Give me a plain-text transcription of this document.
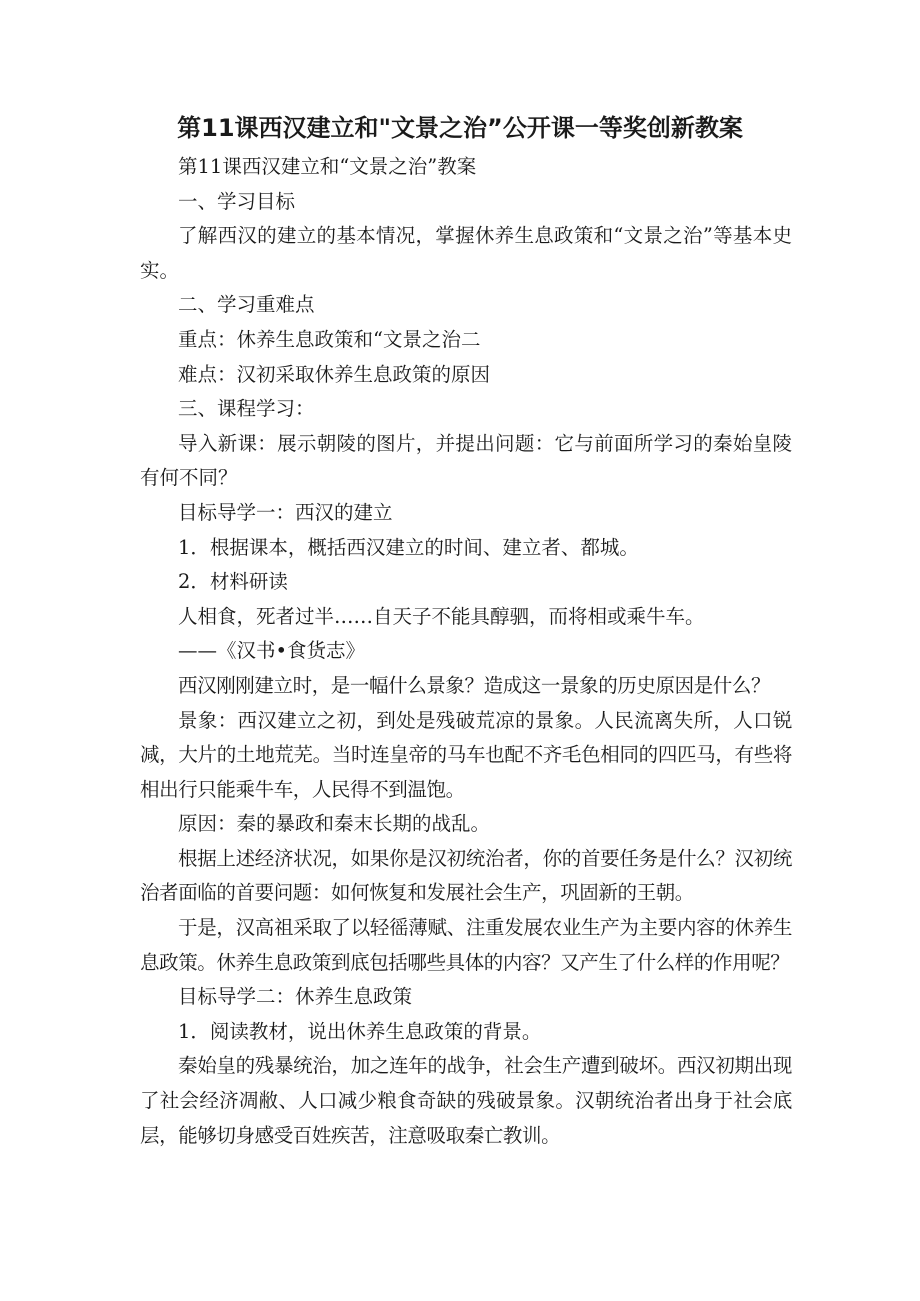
第11课西汉建立和"文景之治”公开课一等奖创新教案

第11课西汉建立和“文景之治”教案

一、学习目标

了解西汉的建立的基本情况，掌握休养生息政策和“文景之治”等基本史实。

二、学习重难点

重点：休养生息政策和“文景之治二

难点：汉初采取休养生息政策的原因

三、课程学习：

导入新课：展示朝陵的图片，并提出问题：它与前面所学习的秦始皇陵有何不同？

目标导学一：西汉的建立

1．根据课本，概括西汉建立的时间、建立者、都城。

2．材料研读

人相食，死者过半……自天子不能具醇驷，而将相或乘牛车。

——《汉书•食货志》

西汉刚刚建立时，是一幅什么景象？造成这一景象的历史原因是什么？

景象：西汉建立之初，到处是残破荒凉的景象。人民流离失所，人口锐减，大片的土地荒芜。当时连皇帝的马车也配不齐毛色相同的四匹马，有些将相出行只能乘牛车，人民得不到温饱。

原因：秦的暴政和秦末长期的战乱。

根据上述经济状况，如果你是汉初统治者，你的首要任务是什么？汉初统治者面临的首要问题：如何恢复和发展社会生产，巩固新的王朝。

于是，汉高祖采取了以轻徭薄赋、注重发展农业生产为主要内容的休养生息政策。休养生息政策到底包括哪些具体的内容？又产生了什么样的作用呢？

目标导学二：休养生息政策

1．阅读教材，说出休养生息政策的背景。

秦始皇的残暴统治，加之连年的战争，社会生产遭到破坏。西汉初期出现了社会经济凋敝、人口减少粮食奇缺的残破景象。汉朝统治者出身于社会底层，能够切身感受百姓疾苦，注意吸取秦亡教训。
